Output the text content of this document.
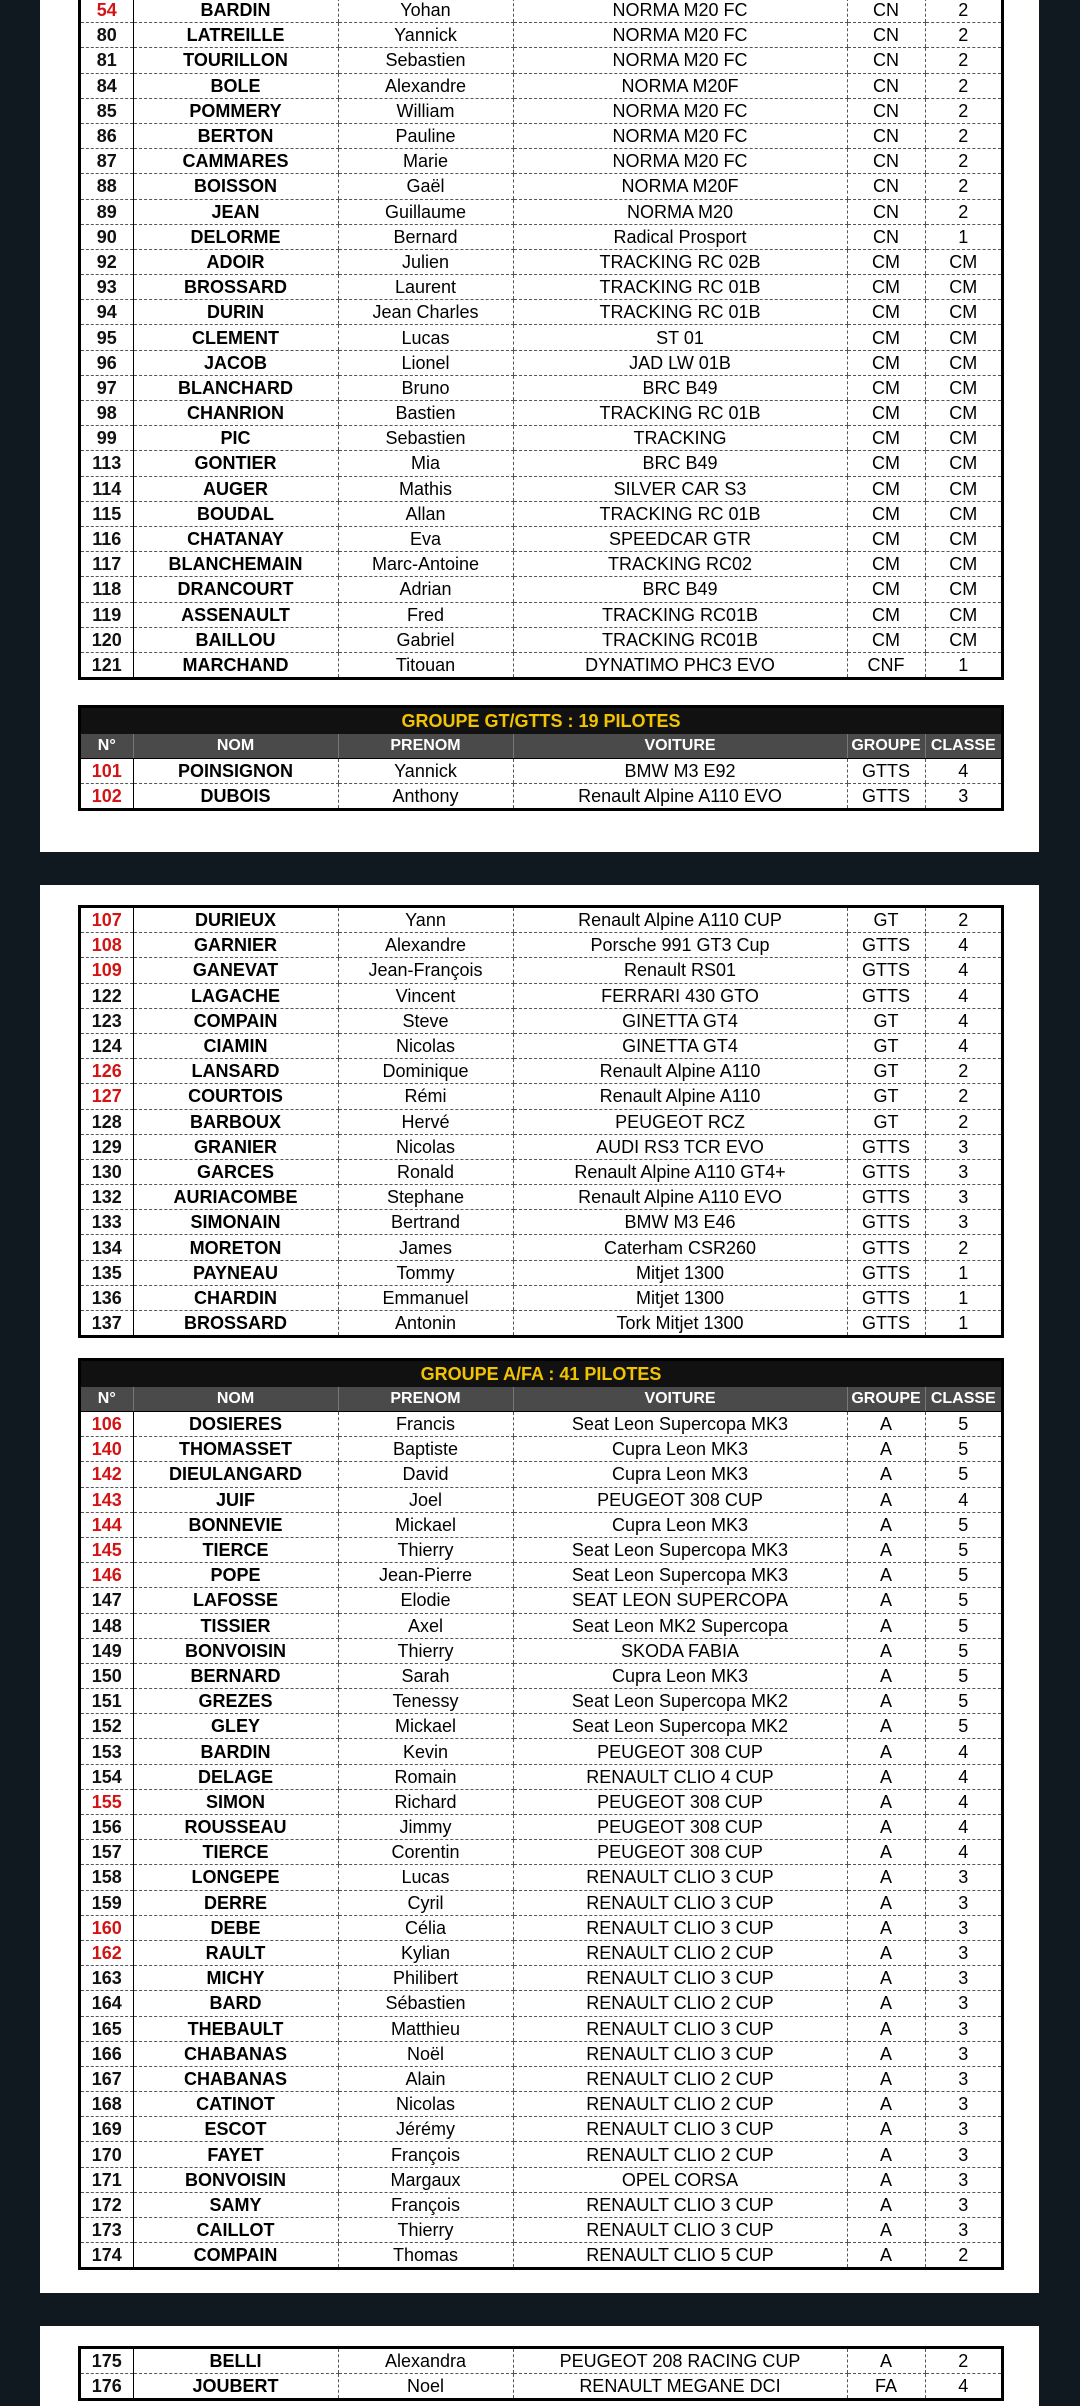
54	BARDIN	Yohan	NORMA M20 FC	CN	2
80	LATREILLE	Yannick	NORMA M20 FC	CN	2
81	TOURILLON	Sebastien	NORMA M20 FC	CN	2
84	BOLE	Alexandre	NORMA M20F	CN	2
85	POMMERY	William	NORMA M20 FC	CN	2
86	BERTON	Pauline	NORMA M20 FC	CN	2
87	CAMMARES	Marie	NORMA M20 FC	CN	2
88	BOISSON	Gaël	NORMA M20F	CN	2
89	JEAN	Guillaume	NORMA M20	CN	2
90	DELORME	Bernard	Radical Prosport	CN	1
92	ADOIR	Julien	TRACKING RC 02B	CM	CM
93	BROSSARD	Laurent	TRACKING RC 01B	CM	CM
94	DURIN	Jean Charles	TRACKING RC 01B	CM	CM
95	CLEMENT	Lucas	ST 01	CM	CM
96	JACOB	Lionel	JAD LW 01B	CM	CM
97	BLANCHARD	Bruno	BRC B49	CM	CM
98	CHANRION	Bastien	TRACKING RC 01B	CM	CM
99	PIC	Sebastien	TRACKING	CM	CM
113	GONTIER	Mia	BRC B49	CM	CM
114	AUGER	Mathis	SILVER CAR S3	CM	CM
115	BOUDAL	Allan	TRACKING RC 01B	CM	CM
116	CHATANAY	Eva	SPEEDCAR GTR	CM	CM
117	BLANCHEMAIN	Marc-Antoine	TRACKING RC02	CM	CM
118	DRANCOURT	Adrian	BRC B49	CM	CM
119	ASSENAULT	Fred	TRACKING RC01B	CM	CM
120	BAILLOU	Gabriel	TRACKING RC01B	CM	CM
121	MARCHAND	Titouan	DYNATIMO PHC3 EVO	CNF	1
GROUPE GT/GTTS : 19 PILOTES					
N°	NOM	PRENOM	VOITURE	GROUPE	CLASSE
101	POINSIGNON	Yannick	BMW M3 E92	GTTS	4
102	DUBOIS	Anthony	Renault Alpine A110 EVO	GTTS	3
107	DURIEUX	Yann	Renault Alpine A110 CUP	GT	2
108	GARNIER	Alexandre	Porsche 991 GT3 Cup	GTTS	4
109	GANEVAT	Jean-François	Renault RS01	GTTS	4
122	LAGACHE	Vincent	FERRARI 430 GTO	GTTS	4
123	COMPAIN	Steve	GINETTA GT4	GT	4
124	CIAMIN	Nicolas	GINETTA GT4	GT	4
126	LANSARD	Dominique	Renault Alpine A110	GT	2
127	COURTOIS	Rémi	Renault Alpine A110	GT	2
128	BARBOUX	Hervé	PEUGEOT RCZ	GT	2
129	GRANIER	Nicolas	AUDI RS3 TCR EVO	GTTS	3
130	GARCES	Ronald	Renault Alpine A110 GT4+	GTTS	3
132	AURIACOMBE	Stephane	Renault Alpine A110 EVO	GTTS	3
133	SIMONAIN	Bertrand	BMW M3 E46	GTTS	3
134	MORETON	James	Caterham CSR260	GTTS	2
135	PAYNEAU	Tommy	Mitjet 1300	GTTS	1
136	CHARDIN	Emmanuel	Mitjet 1300	GTTS	1
137	BROSSARD	Antonin	Tork Mitjet 1300	GTTS	1
GROUPE A/FA : 41 PILOTES					
N°	NOM	PRENOM	VOITURE	GROUPE	CLASSE
106	DOSIERES	Francis	Seat Leon Supercopa MK3	A	5
140	THOMASSET	Baptiste	Cupra Leon MK3	A	5
142	DIEULANGARD	David	Cupra Leon MK3	A	5
143	JUIF	Joel	PEUGEOT 308 CUP	A	4
144	BONNEVIE	Mickael	Cupra Leon MK3	A	5
145	TIERCE	Thierry	Seat Leon Supercopa MK3	A	5
146	POPE	Jean-Pierre	Seat Leon Supercopa MK3	A	5
147	LAFOSSE	Elodie	SEAT LEON SUPERCOPA	A	5
148	TISSIER	Axel	Seat Leon MK2 Supercopa	A	5
149	BONVOISIN	Thierry	SKODA FABIA	A	5
150	BERNARD	Sarah	Cupra Leon MK3	A	5
151	GREZES	Tenessy	Seat Leon Supercopa MK2	A	5
152	GLEY	Mickael	Seat Leon Supercopa MK2	A	5
153	BARDIN	Kevin	PEUGEOT 308 CUP	A	4
154	DELAGE	Romain	RENAULT CLIO 4 CUP	A	4
155	SIMON	Richard	PEUGEOT 308 CUP	A	4
156	ROUSSEAU	Jimmy	PEUGEOT 308 CUP	A	4
157	TIERCE	Corentin	PEUGEOT 308 CUP	A	4
158	LONGEPE	Lucas	RENAULT CLIO 3 CUP	A	3
159	DERRE	Cyril	RENAULT CLIO 3 CUP	A	3
160	DEBE	Célia	RENAULT CLIO 3 CUP	A	3
162	RAULT	Kylian	RENAULT CLIO 2 CUP	A	3
163	MICHY	Philibert	RENAULT CLIO 3 CUP	A	3
164	BARD	Sébastien	RENAULT CLIO 2 CUP	A	3
165	THEBAULT	Matthieu	RENAULT CLIO 3 CUP	A	3
166	CHABANAS	Noël	RENAULT CLIO 3 CUP	A	3
167	CHABANAS	Alain	RENAULT CLIO 2 CUP	A	3
168	CATINOT	Nicolas	RENAULT CLIO 2 CUP	A	3
169	ESCOT	Jérémy	RENAULT CLIO 3 CUP	A	3
170	FAYET	François	RENAULT CLIO 2 CUP	A	3
171	BONVOISIN	Margaux	OPEL CORSA	A	3
172	SAMY	François	RENAULT CLIO 3 CUP	A	3
173	CAILLOT	Thierry	RENAULT CLIO 3 CUP	A	3
174	COMPAIN	Thomas	RENAULT CLIO 5 CUP	A	2
175	BELLI	Alexandra	PEUGEOT 208 RACING CUP	A	2
176	JOUBERT	Noel	RENAULT MEGANE DCI	FA	4
